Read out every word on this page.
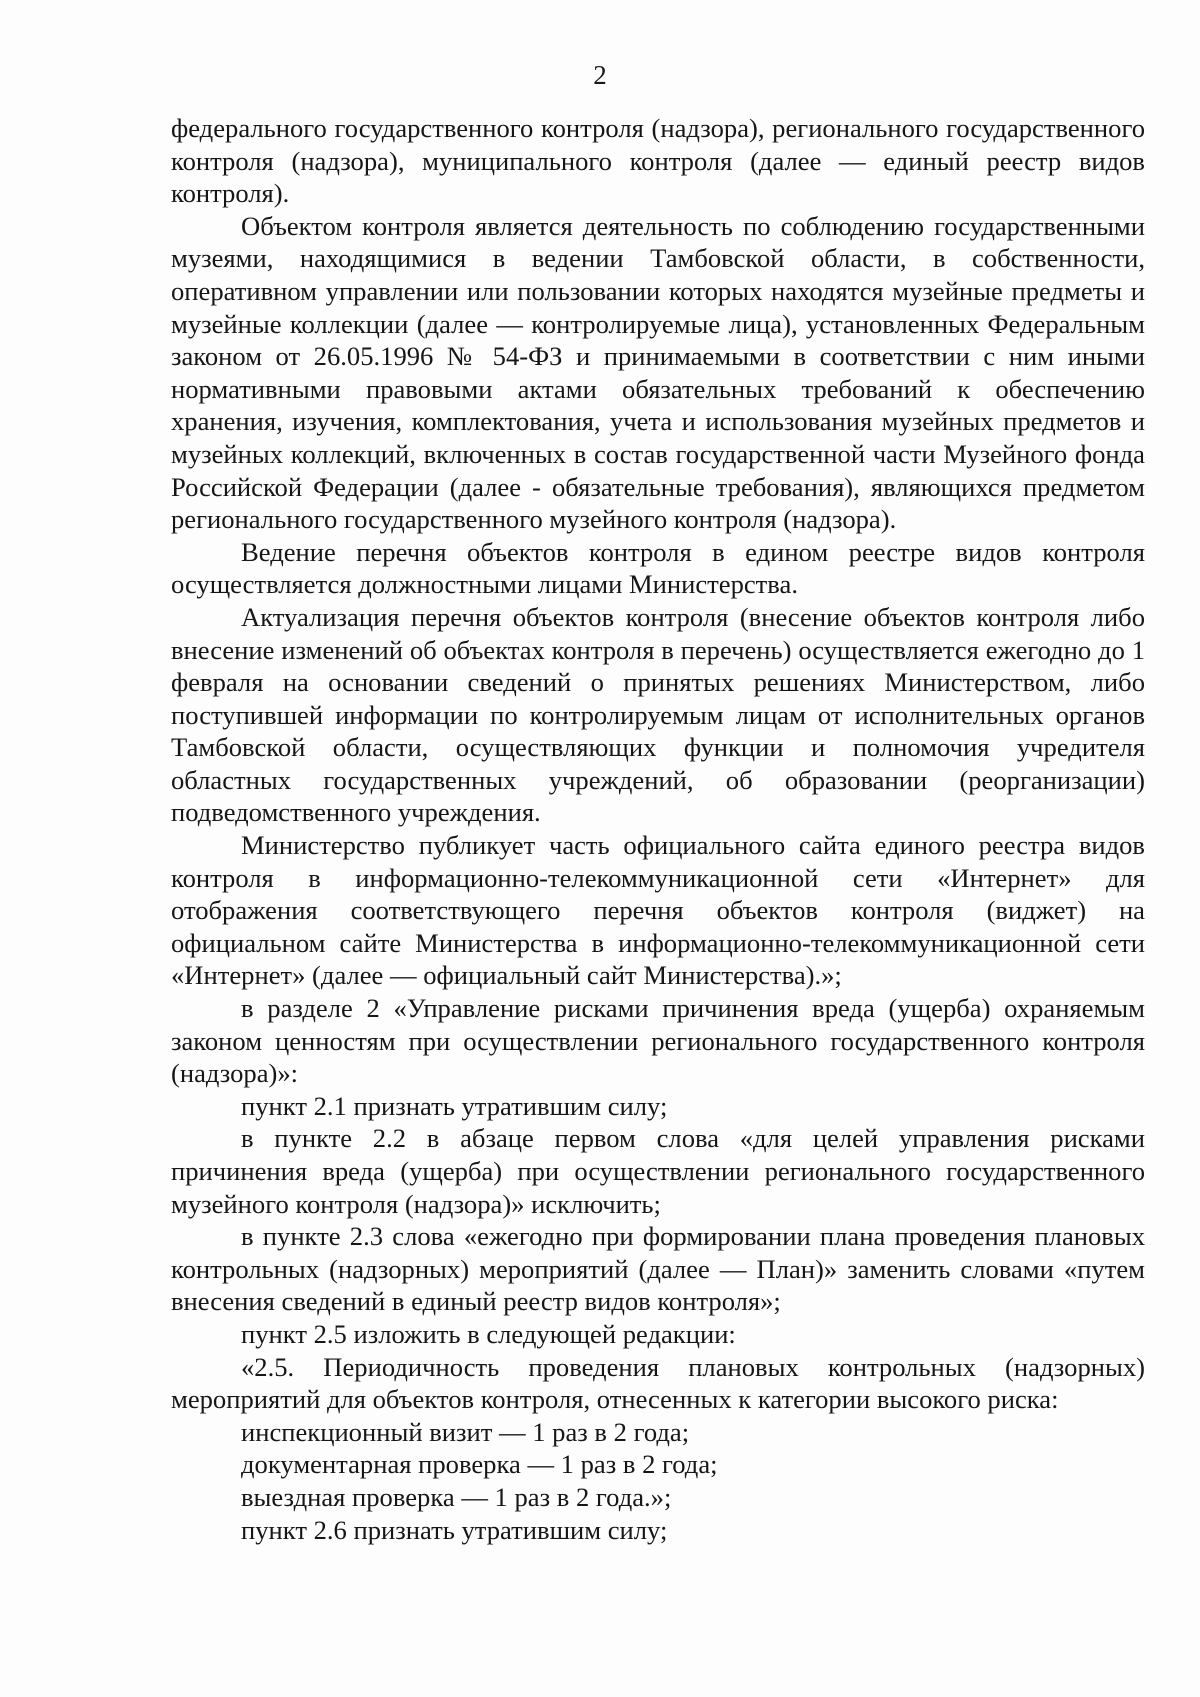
2

федерального государственного контроля (надзора), регионального государственного контроля (надзора), муниципального контроля (далее — единый реестр видов контроля).

Объектом контроля является деятельность по соблюдению государственными музеями, находящимися в ведении Тамбовской области, в собственности, оперативном управлении или пользовании которых находятся музейные предметы и музейные коллекции (далее — контролируемые лица), установленных Федеральным законом от 26.05.1996 № 54-ФЗ и принимаемыми в соответствии с ним иными нормативными правовыми актами обязательных требований к обеспечению хранения, изучения, комплектования, учета и использования музейных предметов и музейных коллекций, включенных в состав государственной части Музейного фонда Российской Федерации (далее - обязательные требования), являющихся предметом регионального государственного музейного контроля (надзора).

Ведение перечня объектов контроля в едином реестре видов контроля осуществляется должностными лицами Министерства.

Актуализация перечня объектов контроля (внесение объектов контроля либо внесение изменений об объектах контроля в перечень) осуществляется ежегодно до 1 февраля на основании сведений о принятых решениях Министерством, либо поступившей информации по контролируемым лицам от исполнительных органов Тамбовской области, осуществляющих функции и полномочия учредителя областных государственных учреждений, об образовании (реорганизации) подведомственного учреждения.

Министерство публикует часть официального сайта единого реестра видов контроля в информационно-телекоммуникационной сети «Интернет» для отображения соответствующего перечня объектов контроля (виджет) на официальном сайте Министерства в информационно-телекоммуникационной сети «Интернет» (далее — официальный сайт Министерства).»;

в разделе 2 «Управление рисками причинения вреда (ущерба) охраняемым законом ценностям при осуществлении регионального государственного контроля (надзора)»:

пункт 2.1 признать утратившим силу;

в пункте 2.2 в абзаце первом слова «для целей управления рисками причинения вреда (ущерба) при осуществлении регионального государственного музейного контроля (надзора)» исключить;

в пункте 2.3 слова «ежегодно при формировании плана проведения плановых контрольных (надзорных) мероприятий (далее — План)» заменить словами «путем внесения сведений в единый реестр видов контроля»;

пункт 2.5 изложить в следующей редакции:

«2.5. Периодичность проведения плановых контрольных (надзорных) мероприятий для объектов контроля, отнесенных к категории высокого риска:

инспекционный визит — 1 раз в 2 года;

документарная проверка — 1 раз в 2 года;

выездная проверка — 1 раз в 2 года.»;

пункт 2.6 признать утратившим силу;
